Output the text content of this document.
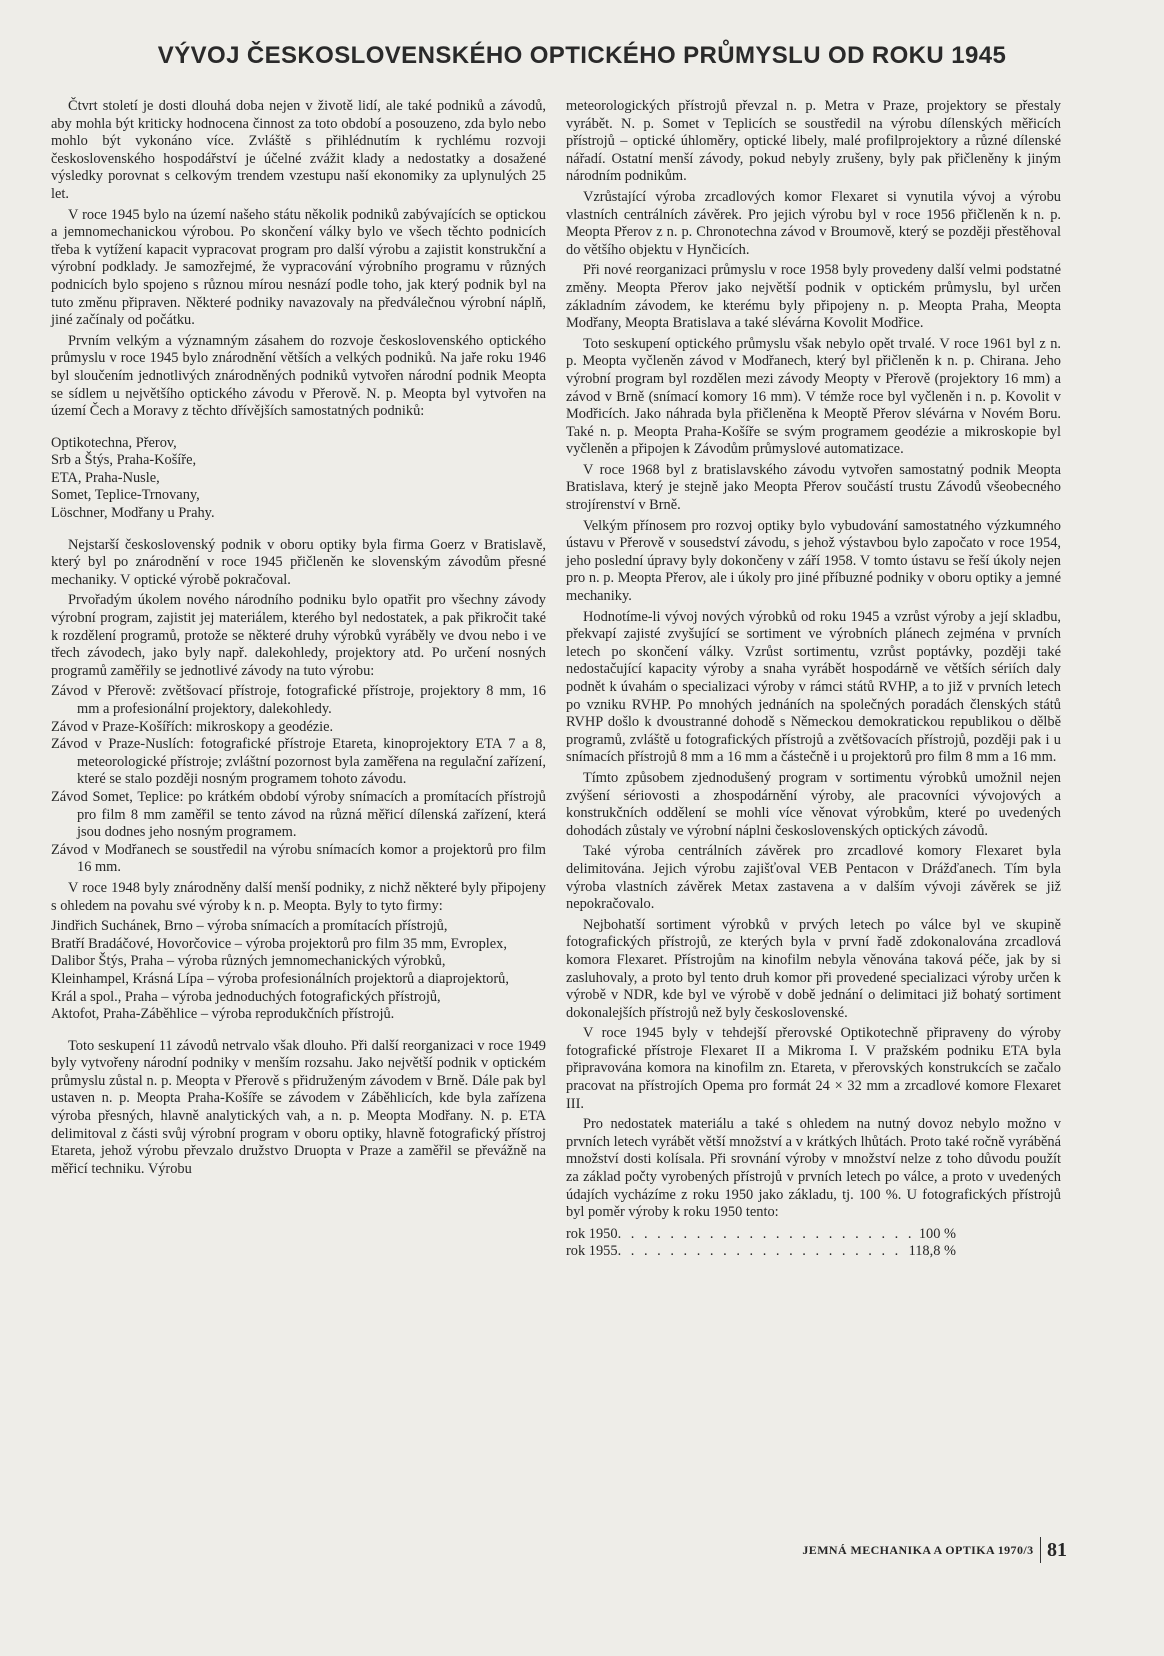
VÝVOJ ČESKOSLOVENSKÉHO OPTICKÉHO PRŮMYSLU OD ROKU 1945

Čtvrt století je dosti dlouhá doba nejen v životě lidí, ale také podniků a závodů, aby mohla být kriticky hodnocena činnost za toto období a posouzeno, zda bylo nebo mohlo být vykonáno více. Zvláště s přihlédnutím k rychlému rozvoji československého hospodářství je účelné zvážit klady a nedostatky a dosažené výsledky porovnat s celkovým trendem vzestupu naší ekonomiky za uplynulých 25 let.

V roce 1945 bylo na území našeho státu několik podniků zabývajících se optickou a jemnomechanickou výrobou. Po skončení války bylo ve všech těchto podnicích třeba k vytížení kapacit vypracovat program pro další výrobu a zajistit konstrukční a výrobní podklady. Je samozřejmé, že vypracování výrobního programu v různých podnicích bylo spojeno s různou mírou nesnází podle toho, jak který podnik byl na tuto změnu připraven. Některé podniky navazovaly na předválečnou výrobní náplň, jiné začínaly od počátku.

Prvním velkým a významným zásahem do rozvoje československého optického průmyslu v roce 1945 bylo znárodnění větších a velkých podniků. Na jaře roku 1946 byl sloučením jednotlivých znárodněných podniků vytvořen národní podnik Meopta se sídlem u největšího optického závodu v Přerově. N. p. Meopta byl vytvořen na území Čech a Moravy z těchto dřívějších samostatných podniků:

Optikotechna, Přerov,
Srb a Štýs, Praha-Košíře,
ETA, Praha-Nusle,
Somet, Teplice-Trnovany,
Löschner, Modřany u Prahy.

Nejstarší československý podnik v oboru optiky byla firma Goerz v Bratislavě, který byl po znárodnění v roce 1945 přičleněn ke slovenským závodům přesné mechaniky. V optické výrobě pokračoval.

Prvořadým úkolem nového národního podniku bylo opatřit pro všechny závody výrobní program, zajistit jej materiálem, kterého byl nedostatek, a pak přikročit také k rozdělení programů, protože se některé druhy výrobků vyráběly ve dvou nebo i ve třech závodech, jako byly např. dalekohledy, projektory atd. Po určení nosných programů zaměřily se jednotlivé závody na tuto výrobu:

Závod v Přerově: zvětšovací přístroje, fotografické přístroje, projektory 8 mm, 16 mm a profesionální projektory, dalekohledy.
Závod v Praze-Košířích: mikroskopy a geodézie.
Závod v Praze-Nuslích: fotografické přístroje Etareta, kinoprojektory ETA 7 a 8, meteorologické přístroje; zvláštní pozornost byla zaměřena na regulační zařízení, které se stalo později nosným programem tohoto závodu.
Závod Somet, Teplice: po krátkém období výroby snímacích a promítacích přístrojů pro film 8 mm zaměřil se tento závod na různá měřicí dílenská zařízení, která jsou dodnes jeho nosným programem.
Závod v Modřanech se soustředil na výrobu snímacích komor a projektorů pro film 16 mm.

V roce 1948 byly znárodněny další menší podniky, z nichž některé byly připojeny s ohledem na povahu své výroby k n. p. Meopta. Byly to tyto firmy:

Jindřich Suchánek, Brno – výroba snímacích a promítacích přístrojů,
Bratří Bradáčové, Hovorčovice – výroba projektorů pro film 35 mm, Evroplex,
Dalibor Štýs, Praha – výroba různých jemnomechanických výrobků,
Kleinhampel, Krásná Lípa – výroba profesionálních projektorů a diaprojektorů,
Král a spol., Praha – výroba jednoduchých fotografických přístrojů,
Aktofot, Praha-Záběhlice – výroba reprodukčních přístrojů.

Toto seskupení 11 závodů netrvalo však dlouho. Při další reorganizaci v roce 1949 byly vytvořeny národní podniky v menším rozsahu. Jako největší podnik v optickém průmyslu zůstal n. p. Meopta v Přerově s přidruženým závodem v Brně. Dále pak byl ustaven n. p. Meopta Praha-Košíře se závodem v Záběhlicích, kde byla zařízena výroba přesných, hlavně analytických vah, a n. p. Meopta Modřany. N. p. ETA delimitoval z části svůj výrobní program v oboru optiky, hlavně fotografický přístroj Etareta, jehož výrobu převzalo družstvo Druopta v Praze a zaměřil se převážně na měřicí techniku. Výrobu

meteorologických přístrojů převzal n. p. Metra v Praze, projektory se přestaly vyrábět. N. p. Somet v Teplicích se soustředil na výrobu dílenských měřicích přístrojů – optické úhloměry, optické libely, malé profilprojektory a různé dílenské nářadí. Ostatní menší závody, pokud nebyly zrušeny, byly pak přičleněny k jiným národním podnikům.

Vzrůstající výroba zrcadlových komor Flexaret si vynutila vývoj a výrobu vlastních centrálních závěrek. Pro jejich výrobu byl v roce 1956 přičleněn k n. p. Meopta Přerov z n. p. Chronotechna závod v Broumově, který se později přestěhoval do většího objektu v Hynčicích.

Při nové reorganizaci průmyslu v roce 1958 byly provedeny další velmi podstatné změny. Meopta Přerov jako největší podnik v optickém průmyslu, byl určen základním závodem, ke kterému byly připojeny n. p. Meopta Praha, Meopta Modřany, Meopta Bratislava a také slévárna Kovolit Modřice.

Toto seskupení optického průmyslu však nebylo opět trvalé. V roce 1961 byl z n. p. Meopta vyčleněn závod v Modřanech, který byl přičleněn k n. p. Chirana. Jeho výrobní program byl rozdělen mezi závody Meopty v Přerově (projektory 16 mm) a závod v Brně (snímací komory 16 mm). V témže roce byl vyčleněn i n. p. Kovolit v Modřicích. Jako náhrada byla přičleněna k Meoptě Přerov slévárna v Novém Boru. Také n. p. Meopta Praha-Košíře se svým programem geodézie a mikroskopie byl vyčleněn a připojen k Závodům průmyslové automatizace.

V roce 1968 byl z bratislavského závodu vytvořen samostatný podnik Meopta Bratislava, který je stejně jako Meopta Přerov součástí trustu Závodů všeobecného strojírenství v Brně.

Velkým přínosem pro rozvoj optiky bylo vybudování samostatného výzkumného ústavu v Přerově v sousedství závodu, s jehož výstavbou bylo započato v roce 1954, jeho poslední úpravy byly dokončeny v září 1958. V tomto ústavu se řeší úkoly nejen pro n. p. Meopta Přerov, ale i úkoly pro jiné příbuzné podniky v oboru optiky a jemné mechaniky.

Hodnotíme-li vývoj nových výrobků od roku 1945 a vzrůst výroby a její skladbu, překvapí zajisté zvyšující se sortiment ve výrobních plánech zejména v prvních letech po skončení války. Vzrůst sortimentu, vzrůst poptávky, později také nedostačující kapacity výroby a snaha vyrábět hospodárně ve větších sériích daly podnět k úvahám o specializaci výroby v rámci států RVHP, a to již v prvních letech po vzniku RVHP. Po mnohých jednáních na společných poradách členských států RVHP došlo k dvoustranné dohodě s Německou demokratickou republikou o dělbě programů, zvláště u fotografických přístrojů a zvětšovacích přístrojů, později pak i u snímacích přístrojů 8 mm a 16 mm a částečně i u projektorů pro film 8 mm a 16 mm.

Tímto způsobem zjednodušený program v sortimentu výrobků umožnil nejen zvýšení sériovosti a zhospodárnění výroby, ale pracovníci vývojových a konstrukčních oddělení se mohli více věnovat výrobkům, které po uvedených dohodách zůstaly ve výrobní náplni československých optických závodů.

Také výroba centrálních závěrek pro zrcadlové komory Flexaret byla delimitována. Jejich výrobu zajišťoval VEB Pentacon v Drážďanech. Tím byla výroba vlastních závěrek Metax zastavena a v dalším vývoji závěrek se již nepokračovalo.

Nejbohatší sortiment výrobků v prvých letech po válce byl ve skupině fotografických přístrojů, ze kterých byla v první řadě zdokonalována zrcadlová komora Flexaret. Přístrojům na kinofilm nebyla věnována taková péče, jak by si zasluhovaly, a proto byl tento druh komor při provedené specializaci výroby určen k výrobě v NDR, kde byl ve výrobě v době jednání o delimitaci již bohatý sortiment dokonalejších přístrojů než byly československé.

V roce 1945 byly v tehdejší přerovské Optikotechně připraveny do výroby fotografické přístroje Flexaret II a Mikroma I. V pražském podniku ETA byla připravována komora na kinofilm zn. Etareta, v přerovských konstrukcích se začalo pracovat na přístrojích Opema pro formát 24 × 32 mm a zrcadlové komore Flexaret III.

Pro nedostatek materiálu a také s ohledem na nutný dovoz nebylo možno v prvních letech vyrábět větší množství a v krátkých lhůtách. Proto také ročně vyráběná množství dosti kolísala. Při srovnání výroby v množství nelze z toho důvodu použít za základ počty vyrobených přístrojů v prvních letech po válce, a proto v uvedených údajích vycházíme z roku 1950 jako základu, tj. 100 %. U fotografických přístrojů byl poměr výroby k roku 1950 tento:

rok 1950 . . .	100 %
rok 1955 . . .	118,8 %
JEMNÁ MECHANIKA A OPTIKA 1970/3 81
